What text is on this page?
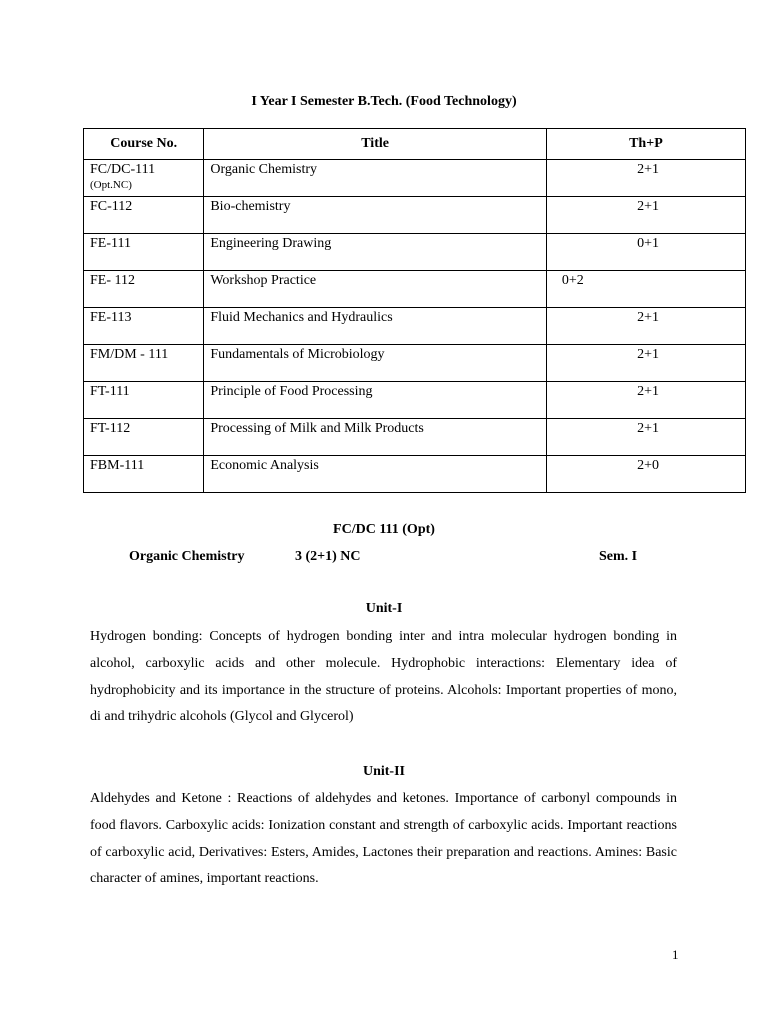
I Year I Semester B.Tech. (Food Technology)
Course No.	Title	Th+P

FC/DC-111
(Opt.NC)	Organic Chemistry	2+1

FC-112	Bio-chemistry	2+1

FE-111	Engineering Drawing	0+1

FE- 112	Workshop Practice	0+2

FE-113	Fluid Mechanics and Hydraulics	2+1

FM/DM - 111	Fundamentals of Microbiology	2+1

FT-111	Principle of Food Processing	2+1

FT-112	Processing of Milk and Milk Products	2+1

FBM-111	Economic Analysis	2+0
FC/DC 111 (Opt)
Organic Chemistry	3 (2+1) NC	Sem. I
Unit-I
Hydrogen bonding: Concepts of hydrogen bonding inter and intra molecular hydrogen bonding in alcohol, carboxylic acids and other molecule. Hydrophobic interactions: Elementary idea of hydrophobicity and its importance in the structure of proteins. Alcohols: Important properties of mono, di and trihydric alcohols (Glycol and Glycerol)
Unit-II
Aldehydes and Ketone : Reactions of aldehydes and ketones. Importance of carbonyl compounds in food flavors. Carboxylic acids: Ionization constant and strength of carboxylic acids. Important reactions of carboxylic acid, Derivatives: Esters, Amides, Lactones their preparation and reactions. Amines: Basic character of amines, important reactions.
1
